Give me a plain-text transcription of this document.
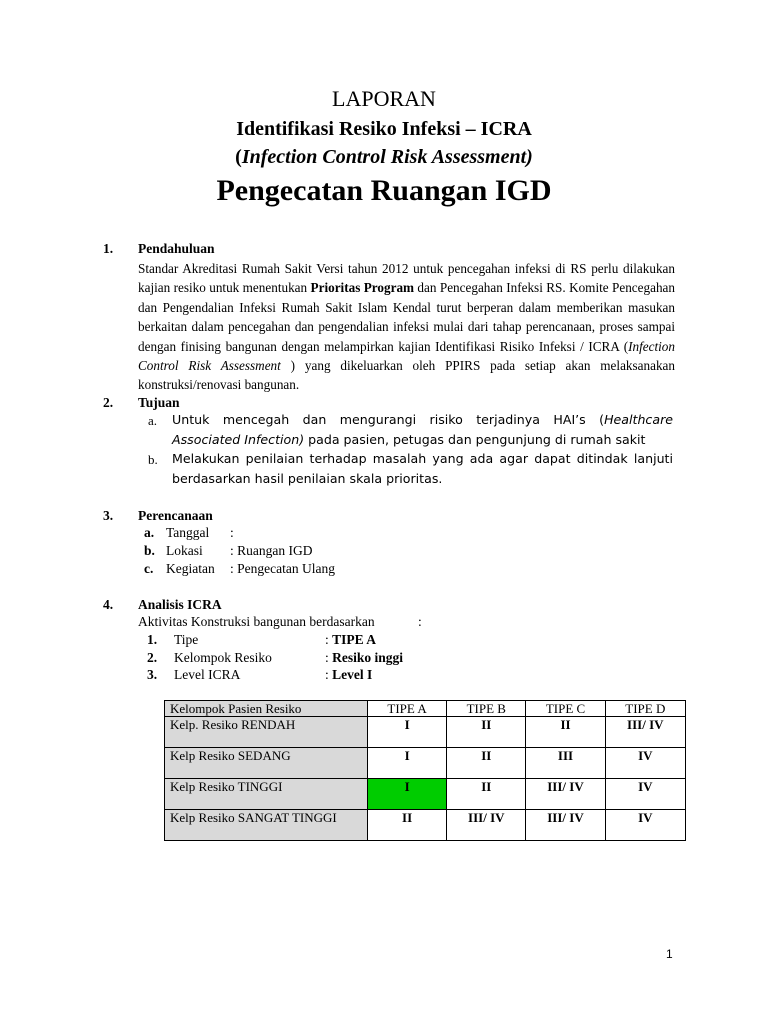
LAPORAN
Identifikasi Resiko Infeksi – ICRA
(Infection Control Risk Assessment)
Pengecatan Ruangan IGD
1. Pendahuluan
Standar Akreditasi Rumah Sakit Versi tahun 2012 untuk pencegahan infeksi di RS perlu dilakukan kajian resiko untuk menentukan Prioritas Program dan Pencegahan Infeksi RS. Komite Pencegahan dan Pengendalian Infeksi Rumah Sakit Islam Kendal turut berperan dalam memberikan masukan berkaitan dalam pencegahan dan pengendalian infeksi mulai dari tahap perencanaan, proses sampai dengan finising bangunan dengan melampirkan kajian Identifikasi Risiko Infeksi / ICRA (Infection Control Risk Assessment ) yang dikeluarkan oleh PPIRS pada setiap akan melaksanakan konstruksi/renovasi bangunan.
2. Tujuan
a. Untuk mencegah dan mengurangi risiko terjadinya HAI’s (Healthcare Associated Infection) pada pasien, petugas dan pengunjung di rumah sakit
b. Melakukan penilaian terhadap masalah yang ada agar dapat ditindak lanjuti berdasarkan hasil penilaian skala prioritas.
3. Perencanaan
a. Tanggal :
b. Lokasi : Ruangan IGD
c. Kegiatan : Pengecatan Ulang
4. Analisis ICRA
Aktivitas Konstruksi bangunan berdasarkan	:
1. Tipe	: TIPE A
2. Kelompok Resiko	: Resiko inggi
3. Level ICRA	: Level I
Kelompok Pasien Resiko	TIPE A	TIPE B	TIPE C	TIPE D
Kelp. Resiko RENDAH	I	II	II	III/ IV
Kelp Resiko SEDANG	I	II	III	IV
Kelp Resiko TINGGI	I	II	III/ IV	IV
Kelp Resiko SANGAT TINGGI	II	III/ IV	III/ IV	IV
1
